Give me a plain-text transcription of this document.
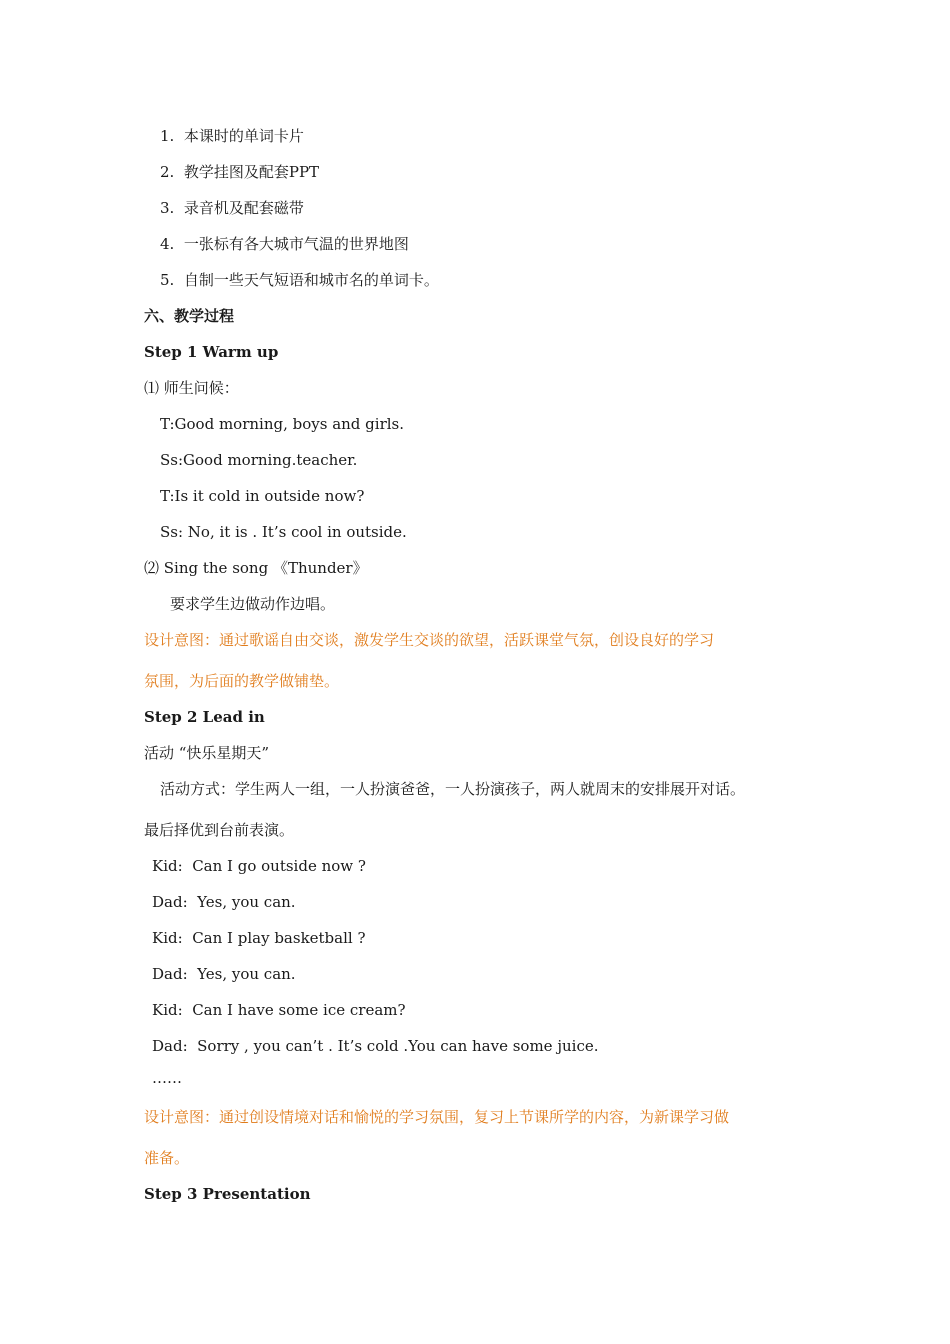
1.  本课时的单词卡片
2.  教学挂图及配套PPT
3.  录音机及配套磁带
4.  一张标有各大城市气温的世界地图
5.  自制一些天气短语和城市名的单词卡。
六、教学过程
Step 1 Warm up
⑴ 师生问候：
T:Good morning, boys and girls.
Ss:Good morning.teacher.
T:Is it cold in outside now?
Ss: No, it is . It’s cool in outside.
⑵ Sing the song 《Thunder》
要求学生边做动作边唱。
设计意图：通过歌谣自由交谈，激发学生交谈的欲望，活跃课堂气氛，创设良好的学习
氛围，为后面的教学做铺垫。
Step 2 Lead in
活动 “快乐星期天”
活动方式：学生两人一组，一人扮演爸爸，一人扮演孩子，两人就周末的安排展开对话。
最后择优到台前表演。
Kid:  Can I go outside now ?
Dad:  Yes, you can.
Kid:  Can I play basketball ?
Dad:  Yes, you can.
Kid:  Can I have some ice cream?
Dad:  Sorry , you can’t . It’s cold .You can have some juice.
……
设计意图：通过创设情境对话和愉悦的学习氛围，复习上节课所学的内容，为新课学习做
准备。
Step 3 Presentation
